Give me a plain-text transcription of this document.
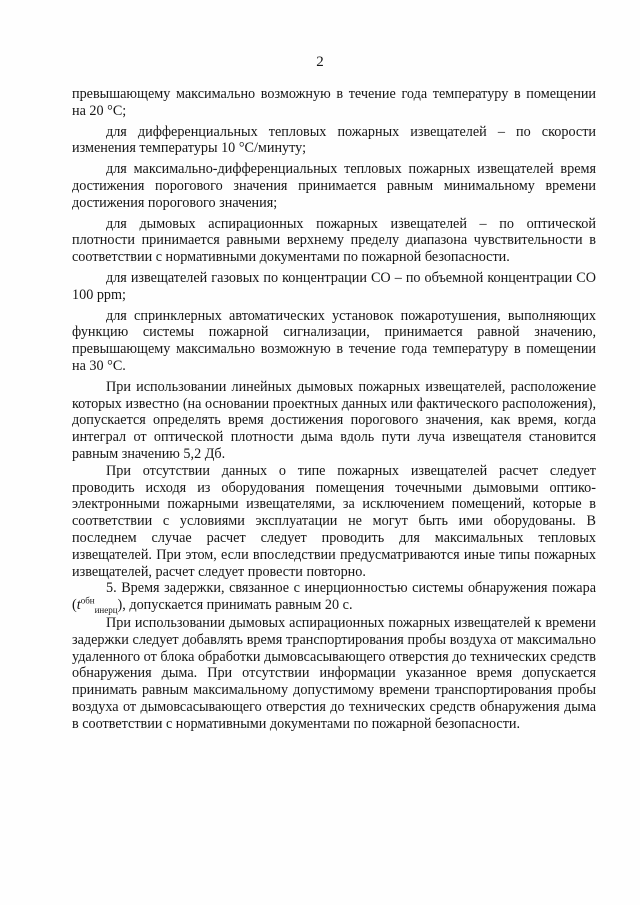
2

превышающему максимально возможную в течение года температуру в помещении на 20 °С;

для дифференциальных тепловых пожарных извещателей – по скорости изменения температуры 10 °С/минуту;

для максимально-дифференциальных тепловых пожарных извещателей время достижения порогового значения принимается равным минимальному времени достижения порогового значения;

для дымовых аспирационных пожарных извещателей – по оптической плотности принимается равными верхнему пределу диапазона чувствительности в соответствии с нормативными документами по пожарной безопасности.

для извещателей газовых по концентрации СО – по объемной концентрации СО 100 ppm;

для спринклерных автоматических установок пожаротушения, выполняющих функцию системы пожарной сигнализации, принимается равной значению, превышающему максимально возможную в течение года температуру в помещении на 30 °С.

При использовании линейных дымовых пожарных извещателей, расположение которых известно (на основании проектных данных или фактического расположения), допускается определять время достижения порогового значения, как время, когда интеграл от оптической плотности дыма вдоль пути луча извещателя становится равным значению 5,2 Дб.

При отсутствии данных о типе пожарных извещателей расчет следует проводить исходя из оборудования помещения точечными дымовыми оптико-электронными пожарными извещателями, за исключением помещений, которые в соответствии с условиями эксплуатации не могут быть ими оборудованы. В последнем случае расчет следует проводить для максимальных тепловых извещателей. При этом, если впоследствии предусматриваются иные типы пожарных извещателей, расчет следует провести повторно.

5. Время задержки, связанное с инерционностью системы обнаружения пожара $(t^{обн}_{инерц})$, допускается принимать равным 20 с.

При использовании дымовых аспирационных пожарных извещателей к времени задержки следует добавлять время транспортирования пробы воздуха от максимально удаленного от блока обработки дымовсасывающего отверстия до технических средств обнаружения дыма. При отсутствии информации указанное время допускается принимать равным максимальному допустимому времени транспортирования пробы воздуха от дымовсасывающего отверстия до технических средств обнаружения дыма в соответствии с нормативными документами по пожарной безопасности.
